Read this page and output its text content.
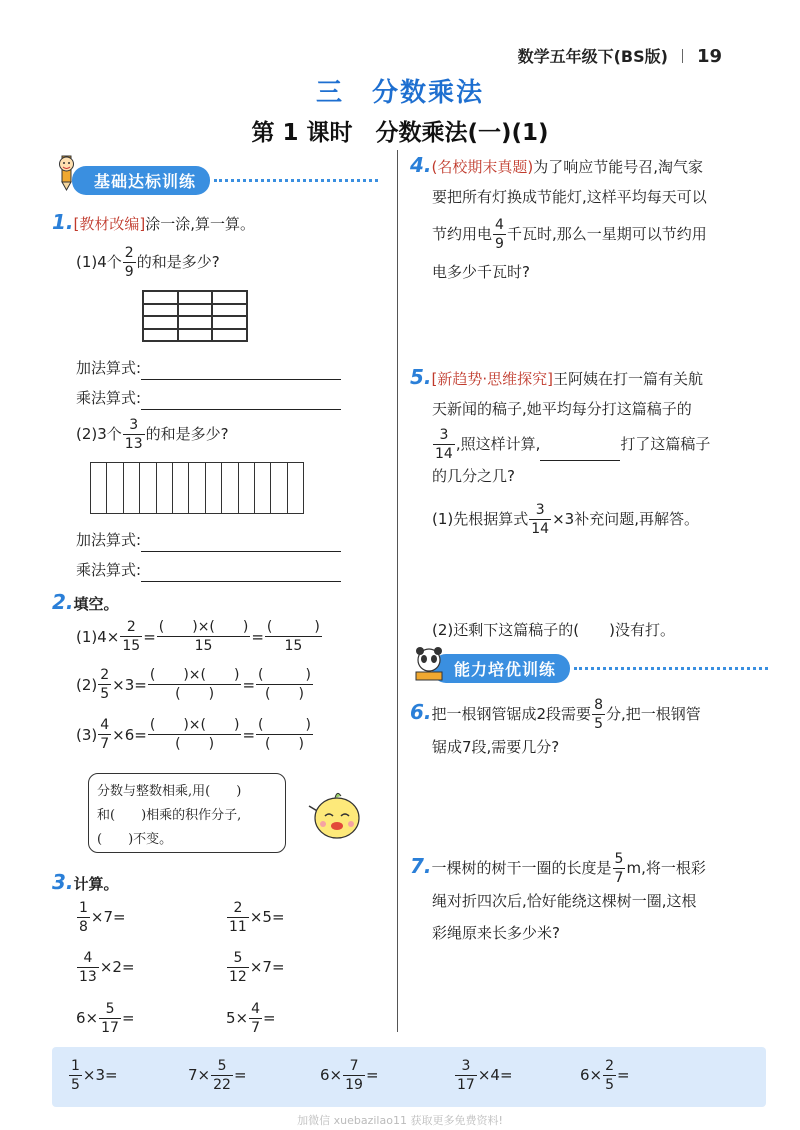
数学五年级下(BS版) 19
三　分数乘法
第 1 课时　分数乘法(一)(1)
基础达标训练
1.[教材改编]涂一涂,算一算。
(1)4个 $\frac{2}{9}$ 的和是多少?
加法算式:
乘法算式:
(2)3个 $\frac{3}{13}$ 的和是多少?
加法算式:
乘法算式:
2.填空。
$(1)4\times \frac{2}{15} = \frac{( )\times( )}{15} = \frac{( )}{15}$
$(2) \frac{2}{5} \times 3= \frac{( )\times( )}{( )} = \frac{( )}{( )}$
$(3) \frac{4}{7} \times 6= \frac{( )\times( )}{( )} = \frac{( )}{( )}$
分数与整数相乘,用(　　)
和(　　)相乘的积作分子,
(　　)不变。
3.计算。
$\frac{1}{8} \times 7=$	$\frac{2}{11} \times 5=$
$\frac{4}{13} \times 2=$	$\frac{5}{12} \times 7=$
$6\times \frac{5}{17}$ =	$5\times \frac{4}{7}$ =
4.(名校期末真题)为了响应节能号召,淘气家
要把所有灯换成节能灯,这样平均每天可以
节约用电 $\frac{4}{9}$ 千瓦时,那么一星期可以节约用
电多少千瓦时?
5.[新趋势·思维探究]王阿姨在打一篇有关航
天新闻的稿子,她平均每分打这篇稿子的
$\frac{3}{14}$ ,照这样计算,	打了这篇稿子
的几分之几?
(1)先根据算式 $\frac{3}{14} \times 3$补充问题,再解答。
(2)还剩下这篇稿子的(　　)没有打。
能力培优训练
6.把一根钢管锯成2段需要 $\frac{8}{5}$ 分,把一根钢管
锯成7段,需要几分?
7.一棵树的树干一圈的长度是 $\frac{5}{7} m$,将一根彩
绳对折四次后,恰好能绕这棵树一圈,这根
彩绳原来长多少米?
$\frac{1}{5} \times 3=$	$7\times \frac{5}{22}$ =	$6\times \frac{7}{19}$ =	$\frac{3}{17} \times 4=$	$6\times \frac{2}{5}$ =
加微信 xuebazilao11 获取更多免费资料!
